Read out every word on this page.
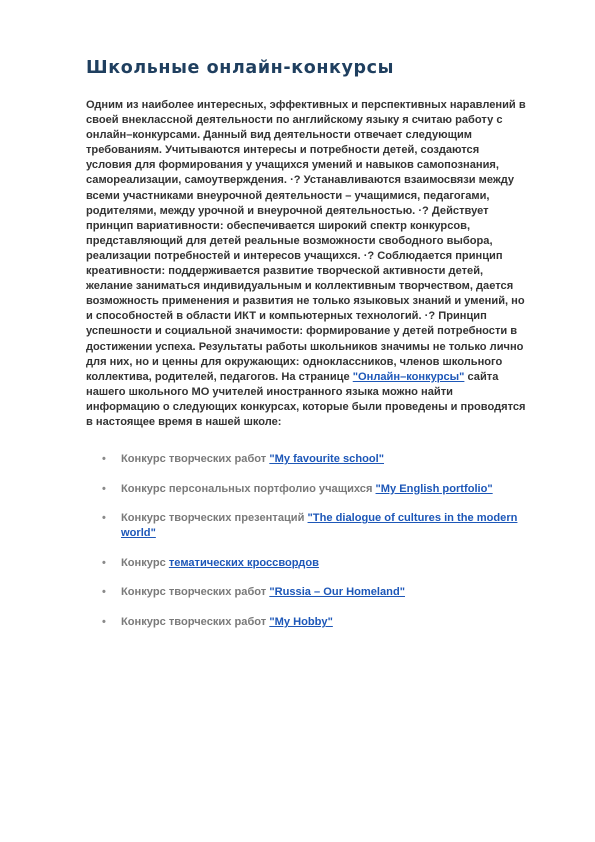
Школьные онлайн-конкурсы

Одним из наиболее интересных, эффективных и перспективных наравлений в своей внеклассной деятельности по английскому языку я считаю работу с онлайн–конкурсами. Данный вид деятельности отвечает следующим требованиям. Учитываются интересы и потребности детей, создаются условия для формирования у учащихся умений и навыков самопознания, самореализации, самоутверждения. ·? Устанавливаются взаимосвязи между всеми участниками внеурочной деятельности – учащимися, педагогами, родителями, между урочной и внеурочной деятельностью. ·? Действует принцип вариативности: обеспечивается широкий спектр конкурсов, представляющий для детей реальные возможности свободного выбора, реализации потребностей и интересов учащихся. ·? Соблюдается принцип креативности: поддерживается развитие творческой активности детей, желание заниматься индивидуальным и коллективным творчеством, дается возможность применения и развития не только языковых знаний и умений, но и способностей в области ИКТ и компьютерных технологий. ·? Принцип успешности и социальной значимости: формирование у детей потребности в достижении успеха. Результаты работы школьников значимы не только лично для них, но и ценны для окружающих: одноклассников, членов школьного коллектива, родителей, педагогов. На странице "Онлайн–конкурсы" сайта нашего школьного МО учителей иностранного языка можно найти информацию о следующих конкурсах, которые были проведены и проводятся в настоящее время в нашей школе:

• Конкурс творческих работ "My favourite school"
• Конкурс персональных портфолио учащихся "My English portfolio"
• Конкурс творческих презентаций "The dialogue of cultures in the modern world"
• Конкурс тематических кроссвордов
• Конкурс творческих работ "Russia – Our Homeland"
• Конкурс творческих работ "My Hobby"
